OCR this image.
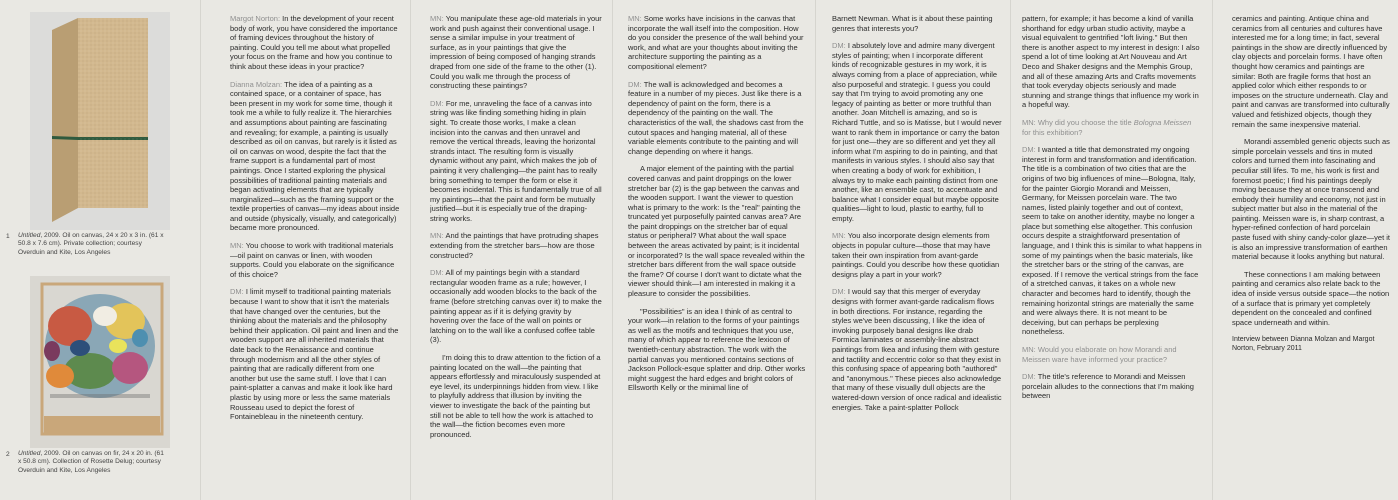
1 Untitled, 2009. Oil on canvas, 24 x 20 x 3 in. (61 x 50.8 x 7.6 cm). Private collection; courtesy Overduin and Kite, Los Angeles
2 Untitled, 2009. Oil on canvas on fir, 24 x 20 in. (61 x 50.8 cm). Collection of Rosette Delug; courtesy Overduin and Kite, Los Angeles

Margot Norton: In the development of your recent body of work, you have considered the importance of framing devices throughout the history of painting. Could you tell me about what propelled your focus on the frame and how you continue to think about these ideas in your practice?

Dianna Molzan: The idea of a painting as a contained space, or a container of space, has been present in my work for some time, though it took me a while to fully realize it. The hierarchies and assumptions about painting are fascinating and revealing; for example, a painting is usually described as oil on canvas, but rarely is it listed as oil on canvas on wood, despite the fact that the frame support is a fundamental part of most paintings. Once I started exploring the physical possibilities of traditional painting materials and began activating elements that are typically marginalized—such as the framing support or the textile properties of canvas—my ideas about inside and outside (physically, visually, and categorically) became more pronounced.

MN: You choose to work with traditional materials—oil paint on canvas or linen, with wooden supports. Could you elaborate on the significance of this choice?

DM: I limit myself to traditional painting materials because I want to show that it isn't the materials that have changed over the centuries, but the thinking about the materials and the philosophy behind their application. Oil paint and linen and the wooden support are all inherited materials that date back to the Renaissance and continue through modernism and all the other styles of painting that are radically different from one another but use the same stuff. I love that I can paint-splatter a canvas and make it look like hard plastic by using more or less the same materials Rousseau used to depict the forest of Fontainebleau in the nineteenth century.

MN: You manipulate these age-old materials in your work and push against their conventional usage. I sense a similar impulse in your treatment of surface, as in your paintings that give the impression of being composed of hanging strands draped from one side of the frame to the other (1). Could you walk me through the process of constructing these paintings?

DM: For me, unraveling the face of a canvas into string was like finding something hiding in plain sight. To create those works, I make a clean incision into the canvas and then unravel and remove the vertical threads, leaving the horizontal strands intact. The resulting form is visually dynamic without any paint, which makes the job of painting it very challenging—the paint has to really bring something to temper the form or else it becomes incidental. This is fundamentally true of all my paintings—that the paint and form be mutually justified—but it is especially true of the draping-string works.

MN: And the paintings that have protruding shapes extending from the stretcher bars—how are those constructed?

DM: All of my paintings begin with a standard rectangular wooden frame as a rule; however, I occasionally add wooden blocks to the back of the frame (before stretching canvas over it) to make the painting appear as if it is defying gravity by hovering over the face of the wall on points or latching on to the wall like a confused coffee table (3).

I'm doing this to draw attention to the fiction of a painting located on the wall—the painting that appears effortlessly and miraculously suspended at eye level, its underpinnings hidden from view. I like to playfully address that illusion by inviting the viewer to investigate the back of the painting but still not be able to tell how the work is attached to the wall—the fiction becomes even more pronounced.

MN: Some works have incisions in the canvas that incorporate the wall itself into the composition. How do you consider the presence of the wall behind your work, and what are your thoughts about inviting the architecture supporting the painting as a compositional element?

DM: The wall is acknowledged and becomes a feature in a number of my pieces. Just like there is a dependency of paint on the form, there is a dependency of the painting on the wall. The characteristics of the wall, the shadows cast from the cutout spaces and hanging material, all of these variable elements contribute to the painting and will change depending on where it hangs.

A major element of the painting with the partial covered canvas and paint droppings on the lower stretcher bar (2) is the gap between the canvas and the wooden support. I want the viewer to question what is primary to the work: Is the "real" painting the truncated yet purposefully painted canvas area? Are the paint droppings on the stretcher bar of equal status or peripheral? What about the wall space between the areas activated by paint; is it incidental or incorporated? Is the wall space revealed within the stretcher bars different from the wall space outside the frame? Of course I don't want to dictate what the viewer should think—I am interested in making it a pleasure to consider the possibilities.

"Possibilities" is an idea I think of as central to your work—in relation to the forms of your paintings as well as the motifs and techniques that you use, many of which appear to reference the lexicon of twentieth-century abstraction. The work with the partial canvas you mentioned contains sections of Jackson Pollock-esque splatter and drip. Other works might suggest the hard edges and bright colors of Ellsworth Kelly or the minimal line of

Barnett Newman. What is it about these painting genres that interests you?

DM: I absolutely love and admire many divergent styles of painting; when I incorporate different kinds of recognizable gestures in my work, it is always coming from a place of appreciation, while also purposeful and strategic. I guess you could say that I'm trying to avoid promoting any one legacy of painting as better or more truthful than another. Joan Mitchell is amazing, and so is Richard Tuttle, and so is Matisse, but I would never want to rank them in importance or carry the baton for just one—they are so different and yet they all inform what I'm aspiring to do in painting, and that manifests in various styles. I should also say that when creating a body of work for exhibition, I always try to make each painting distinct from one another, like an ensemble cast, to accentuate and balance what I consider equal but maybe opposite qualities—light to loud, plastic to earthy, full to empty.

MN: You also incorporate design elements from objects in popular culture—those that may have taken their own inspiration from avant-garde paintings. Could you describe how these quotidian designs play a part in your work?

DM: I would say that this merger of everyday designs with former avant-garde radicalism flows in both directions. For instance, regarding the styles we've been discussing, I like the idea of invoking purposely banal designs like drab Formica laminates or assembly-line abstract paintings from Ikea and infusing them with gesture and tactility and eccentric color so that they exist in this confusing space of appearing both "authored" and "anonymous." These pieces also acknowledge that many of these visually dull objects are the watered-down version of once radical and idealistic energies. Take a paint-splatter Pollock

pattern, for example; it has become a kind of vanilla shorthand for edgy urban studio activity, maybe a visual equivalent to gentrified "loft living." But then there is another aspect to my interest in design: I also spend a lot of time looking at Art Nouveau and Art Deco and Shaker designs and the Memphis Group, and all of these amazing Arts and Crafts movements that took everyday objects seriously and made stunning and strange things that influence my work in a hopeful way.

MN: Why did you choose the title Bologna Meissen for this exhibition?

DM: I wanted a title that demonstrated my ongoing interest in form and transformation and identification. The title is a combination of two cities that are the origins of two big influences of mine—Bologna, Italy, for the painter Giorgio Morandi and Meissen, Germany, for Meissen porcelain ware. The two names, listed plainly together and out of context, seem to take on another identity, maybe no longer a place but something else altogether. This confusion occurs despite a straightforward presentation of language, and I think this is similar to what happens in some of my paintings when the basic materials, like the stretcher bars or the string of the canvas, are exposed. If I remove the vertical strings from the face of a stretched canvas, it takes on a whole new character and becomes hard to identify, though the remaining horizontal strings are materially the same and were always there. It is not meant to be deceiving, but can perhaps be perplexing nonetheless.

MN: Would you elaborate on how Morandi and Meissen ware have informed your practice?

DM: The title's reference to Morandi and Meissen porcelain alludes to the connections that I'm making between

ceramics and painting. Antique china and ceramics from all centuries and cultures have interested me for a long time; in fact, several paintings in the show are directly influenced by clay objects and porcelain forms. I have often thought how ceramics and paintings are similar: Both are fragile forms that host an applied color which either responds to or imposes on the structure underneath. Clay and paint and canvas are transformed into culturally valued and fetishized objects, though they remain the same inexpensive material.

Morandi assembled generic objects such as simple porcelain vessels and tins in muted colors and turned them into fascinating and peculiar still lifes. To me, his work is first and foremost poetic; I find his paintings deeply moving because they at once transcend and embody their humility and economy, not just in subject matter but also in the material of the painting. Meissen ware is, in sharp contrast, a hyper-refined confection of hard porcelain paste fused with shiny candy-color glaze—yet it is also an impressive transformation of earthen material because it looks anything but natural.

These connections I am making between painting and ceramics also relate back to the idea of inside versus outside space—the notion of a surface that is primary yet completely dependent on the concealed and confined space underneath and within.

Interview between Dianna Molzan and Margot Norton, February 2011
